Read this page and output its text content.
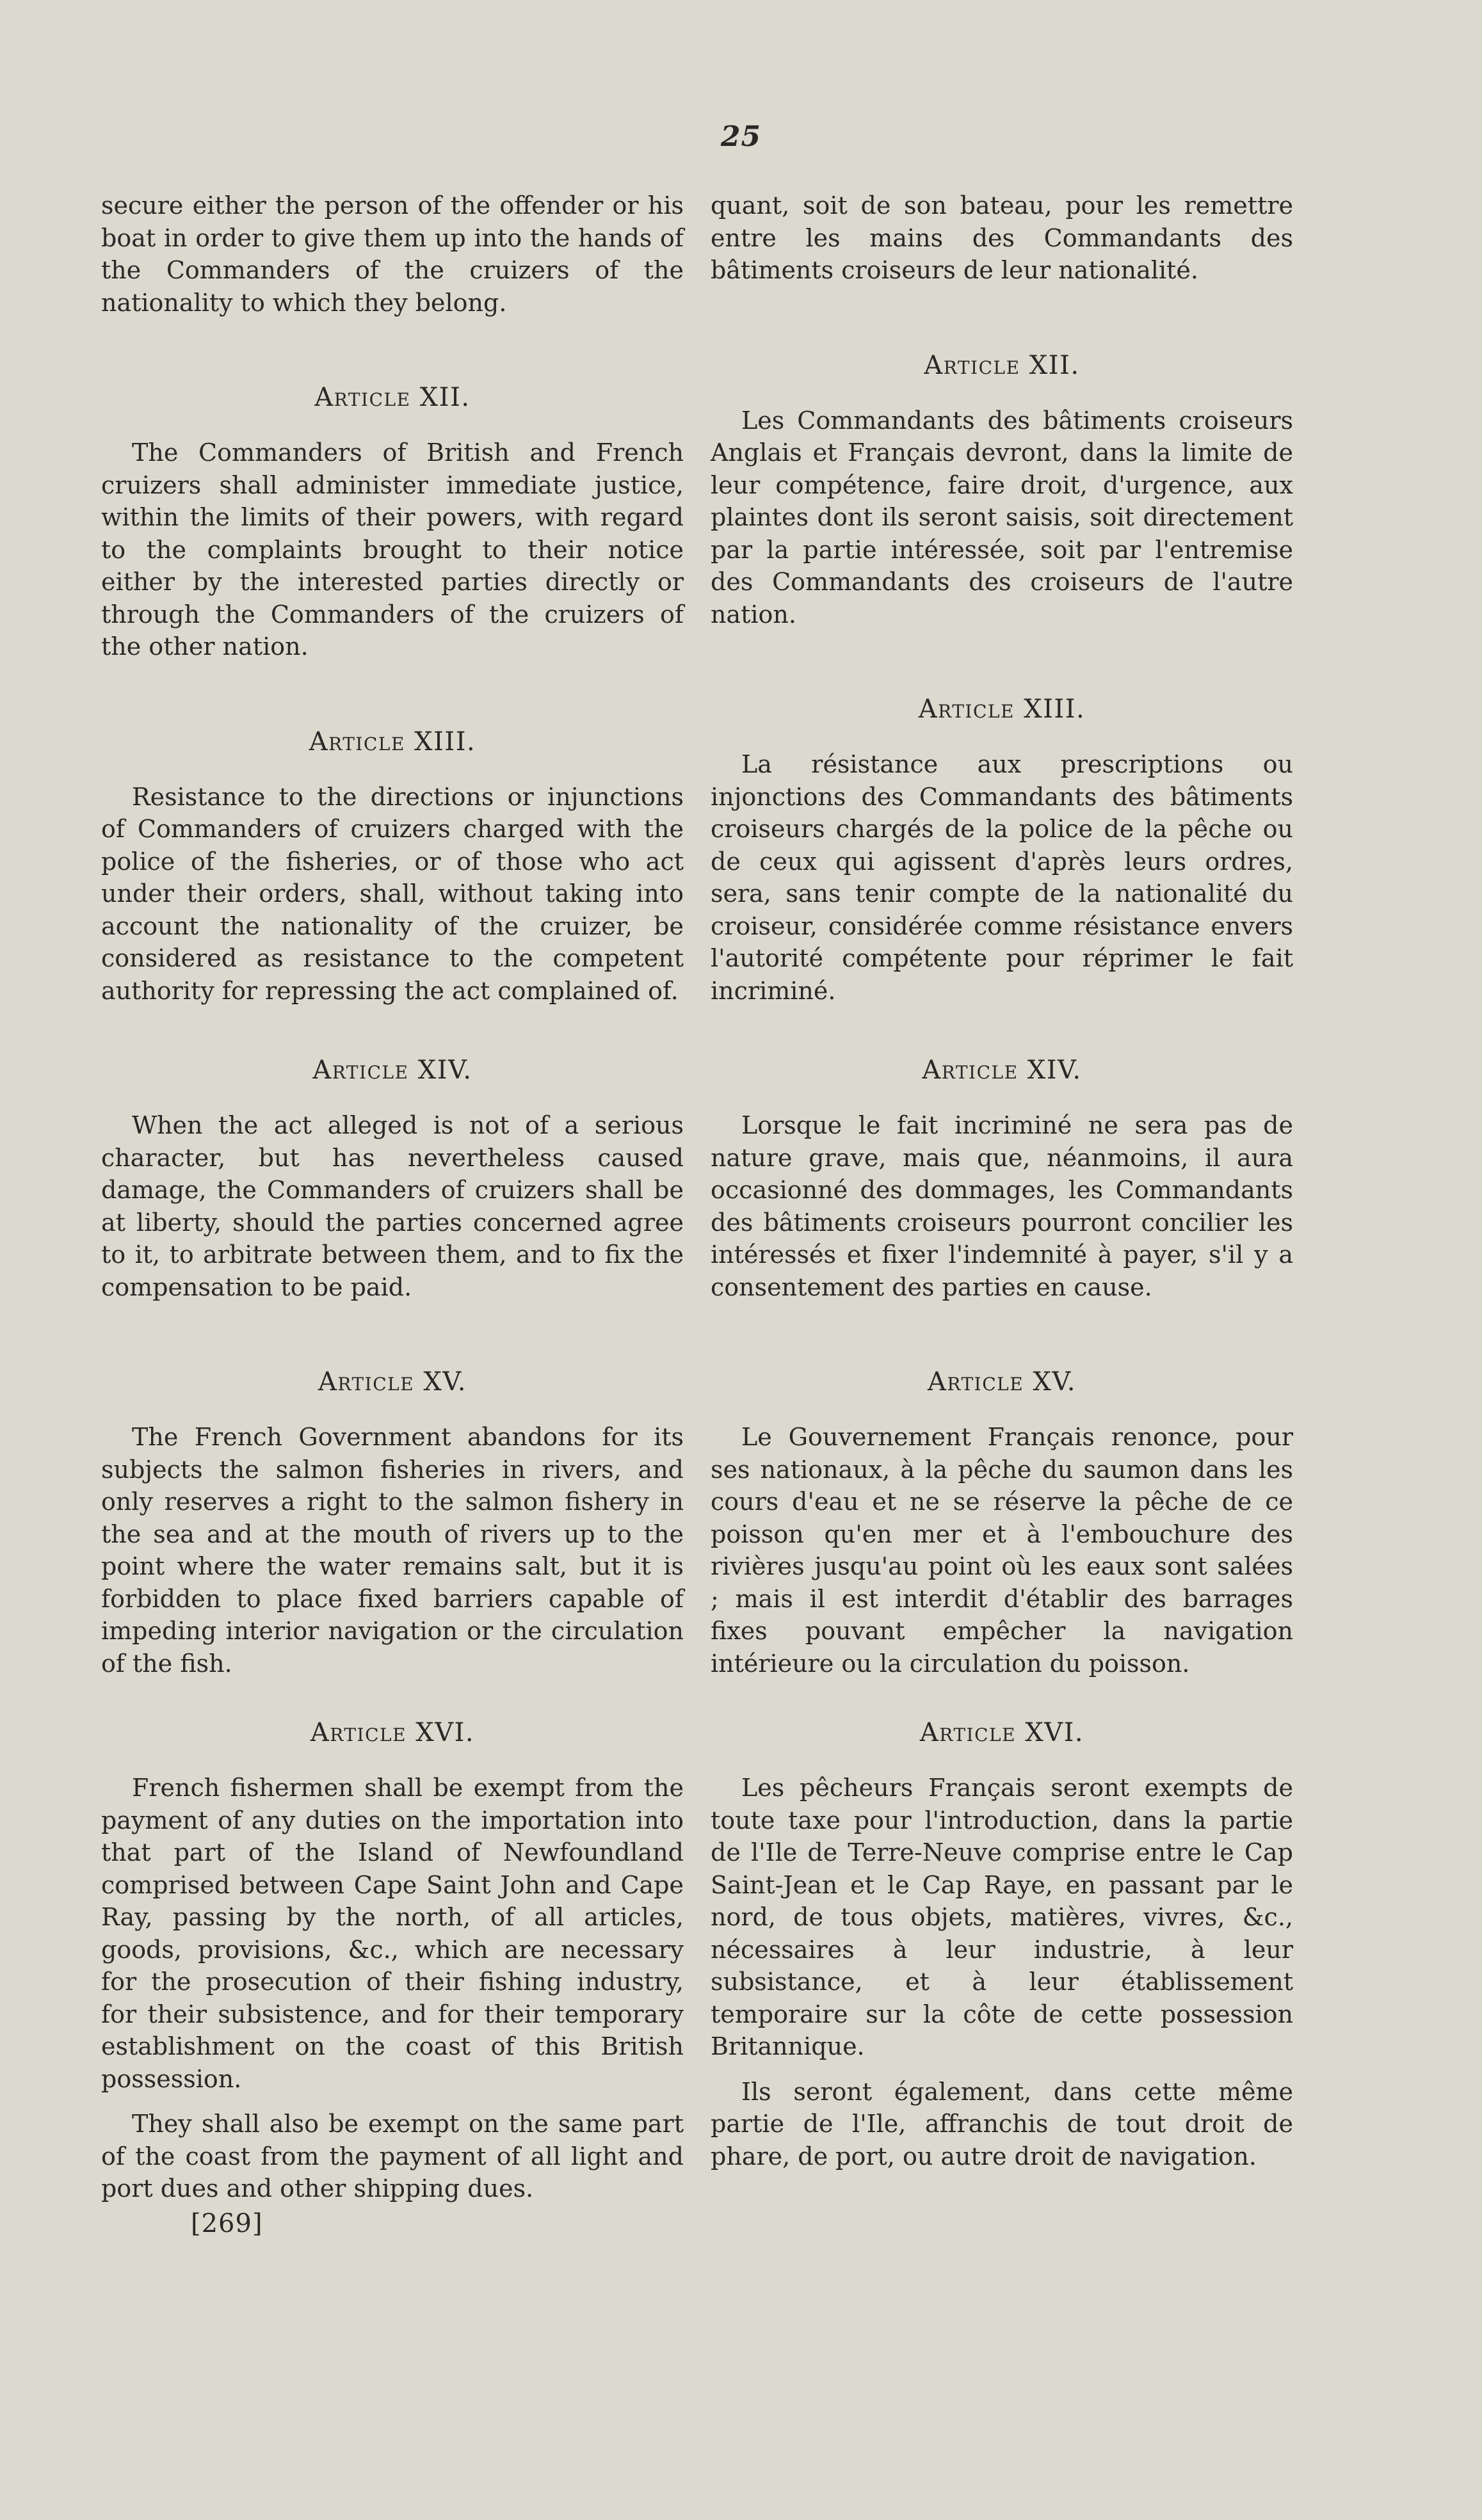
25

secure either the person of the offender or his boat in order to give them up into the hands of the Commanders of the cruizers of the nationality to which they belong.

Article XII.

The Commanders of British and French cruizers shall administer immediate justice, within the limits of their powers, with regard to the complaints brought to their notice either by the interested parties directly or through the Commanders of the cruizers of the other nation.

Article XIII.

Resistance to the directions or injunctions of Commanders of cruizers charged with the police of the fisheries, or of those who act under their orders, shall, without taking into account the nationality of the cruizer, be considered as resistance to the competent authority for repressing the act complained of.

Article XIV.

When the act alleged is not of a serious character, but has nevertheless caused damage, the Commanders of cruizers shall be at liberty, should the parties concerned agree to it, to arbitrate between them, and to fix the compensation to be paid.

Article XV.

The French Government abandons for its subjects the salmon fisheries in rivers, and only reserves a right to the salmon fishery in the sea and at the mouth of rivers up to the point where the water remains salt, but it is forbidden to place fixed barriers capable of impeding interior navigation or the circulation of the fish.

Article XVI.

French fishermen shall be exempt from the payment of any duties on the importation into that part of the Island of Newfoundland comprised between Cape Saint John and Cape Ray, passing by the north, of all articles, goods, provisions, &c., which are necessary for the prosecution of their fishing industry, for their subsistence, and for their temporary establishment on the coast of this British possession.

They shall also be exempt on the same part of the coast from the payment of all light and port dues and other shipping dues.

[269]

quant, soit de son bateau, pour les remettre entre les mains des Commandants des bâtiments croiseurs de leur nationalité.

Article XII.

Les Commandants des bâtiments croiseurs Anglais et Français devront, dans la limite de leur compétence, faire droit, d'urgence, aux plaintes dont ils seront saisis, soit directement par la partie intéressée, soit par l'entremise des Commandants des croiseurs de l'autre nation.

Article XIII.

La résistance aux prescriptions ou injonctions des Commandants des bâtiments croiseurs chargés de la police de la pêche ou de ceux qui agissent d'après leurs ordres, sera, sans tenir compte de la nationalité du croiseur, considérée comme résistance envers l'autorité compétente pour réprimer le fait incriminé.

Article XIV.

Lorsque le fait incriminé ne sera pas de nature grave, mais que, néanmoins, il aura occasionné des dommages, les Commandants des bâtiments croiseurs pourront concilier les intéressés et fixer l'indemnité à payer, s'il y a consentement des parties en cause.

Article XV.

Le Gouvernement Français renonce, pour ses nationaux, à la pêche du saumon dans les cours d'eau et ne se réserve la pêche de ce poisson qu'en mer et à l'embouchure des rivières jusqu'au point où les eaux sont salées ; mais il est interdit d'établir des barrages fixes pouvant empêcher la navigation intérieure ou la circulation du poisson.

Article XVI.

Les pêcheurs Français seront exempts de toute taxe pour l'introduction, dans la partie de l'Ile de Terre-Neuve comprise entre le Cap Saint-Jean et le Cap Raye, en passant par le nord, de tous objets, matières, vivres, &c., nécessaires à leur industrie, à leur subsistance, et à leur établissement temporaire sur la côte de cette possession Britannique.

Ils seront également, dans cette même partie de l'Ile, affranchis de tout droit de phare, de port, ou autre droit de navigation.
